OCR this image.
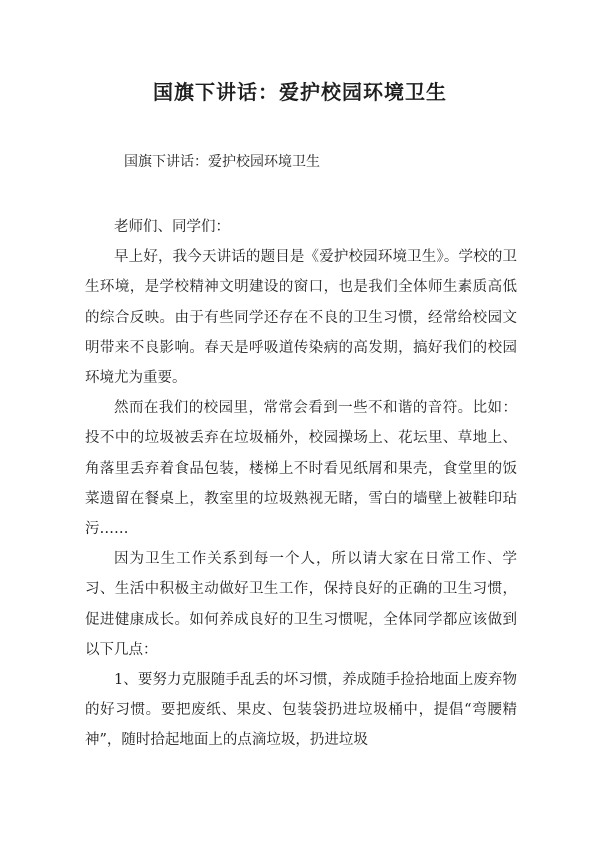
国旗下讲话：爱护校园环境卫生
国旗下讲话：爱护校园环境卫生

老师们、同学们：

早上好，我今天讲话的题目是《爱护校园环境卫生》。学校的卫生环境，是学校精神文明建设的窗口，也是我们全体师生素质高低的综合反映。由于有些同学还存在不良的卫生习惯，经常给校园文明带来不良影响。春天是呼吸道传染病的高发期，搞好我们的校园环境尤为重要。

然而在我们的校园里，常常会看到一些不和谐的音符。比如：投不中的垃圾被丢弃在垃圾桶外，校园操场上、花坛里、草地上、角落里丢弃着食品包装，楼梯上不时看见纸屑和果壳，食堂里的饭菜遗留在餐桌上，教室里的垃圾熟视无睹，雪白的墙壁上被鞋印玷污……

因为卫生工作关系到每一个人，所以请大家在日常工作、学习、生活中积极主动做好卫生工作，保持良好的正确的卫生习惯，促进健康成长。如何养成良好的卫生习惯呢，全体同学都应该做到以下几点：

1、要努力克服随手乱丢的坏习惯，养成随手捡拾地面上废弃物的好习惯。要把废纸、果皮、包装袋扔进垃圾桶中，提倡“弯腰精神”，随时拾起地面上的点滴垃圾，扔进垃圾
